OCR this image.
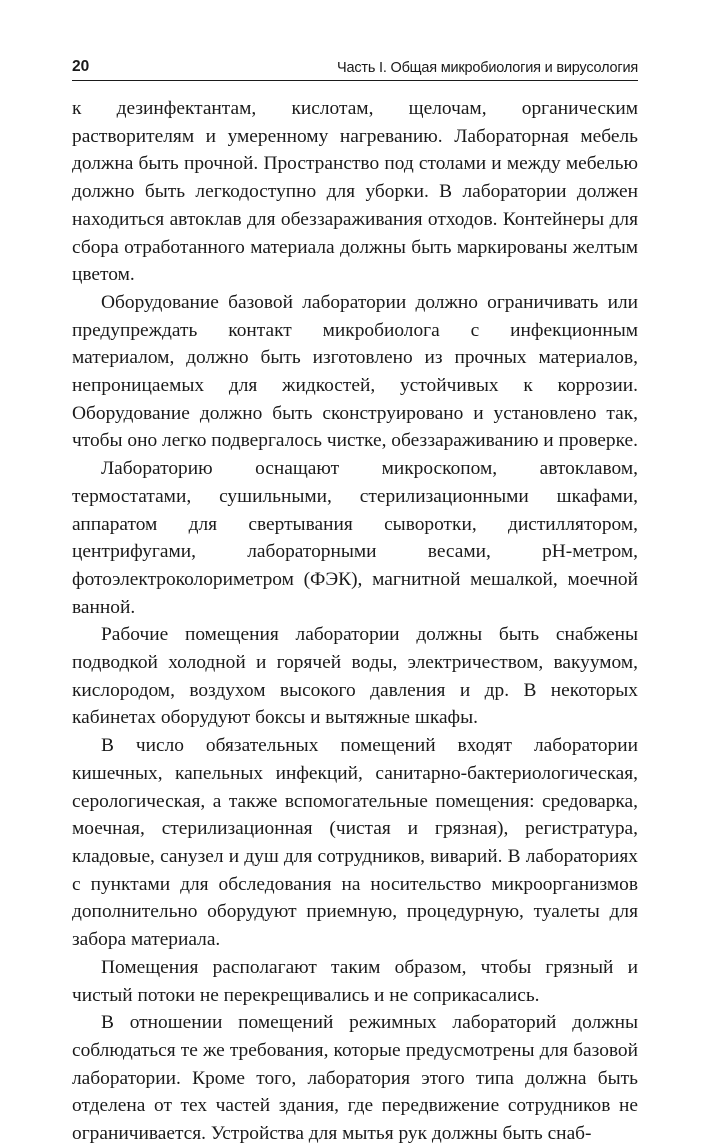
20	Часть I. Общая микробиология и вирусология

к дезинфектантам, кислотам, щелочам, органическим растворителям и умеренному нагреванию. Лабораторная мебель должна быть прочной. Пространство под столами и между мебелью должно быть легкодоступно для уборки. В лаборатории должен находиться автоклав для обеззараживания отходов. Контейнеры для сбора отработанного материала должны быть маркированы желтым цветом.

Оборудование базовой лаборатории должно ограничивать или предупреждать контакт микробиолога с инфекционным материалом, должно быть изготовлено из прочных материалов, непроницаемых для жидкостей, устойчивых к коррозии. Оборудование должно быть сконструировано и установлено так, чтобы оно легко подвергалось чистке, обеззараживанию и проверке.

Лабораторию оснащают микроскопом, автоклавом, термостатами, сушильными, стерилизационными шкафами, аппаратом для свертывания сыворотки, дистиллятором, центрифугами, лабораторными весами, рН-метром, фотоэлектроколориметром (ФЭК), магнитной мешалкой, моечной ванной.

Рабочие помещения лаборатории должны быть снабжены подводкой холодной и горячей воды, электричеством, вакуумом, кислородом, воздухом высокого давления и др. В некоторых кабинетах оборудуют боксы и вытяжные шкафы.

В число обязательных помещений входят лаборатории кишечных, капельных инфекций, санитарно-бактериологическая, серологическая, а также вспомогательные помещения: средоварка, моечная, стерилизационная (чистая и грязная), регистратура, кладовые, санузел и душ для сотрудников, виварий. В лабораториях с пунктами для обследования на носительство микроорганизмов дополнительно оборудуют приемную, процедурную, туалеты для забора материала.

Помещения располагают таким образом, чтобы грязный и чистый потоки не перекрещивались и не соприкасались.

В отношении помещений режимных лабораторий должны соблюдаться те же требования, которые предусмотрены для базовой лаборатории. Кроме того, лаборатория этого типа должна быть отделена от тех частей здания, где передвижение сотрудников не ограничивается. Устройства для мытья рук должны быть снаб-
